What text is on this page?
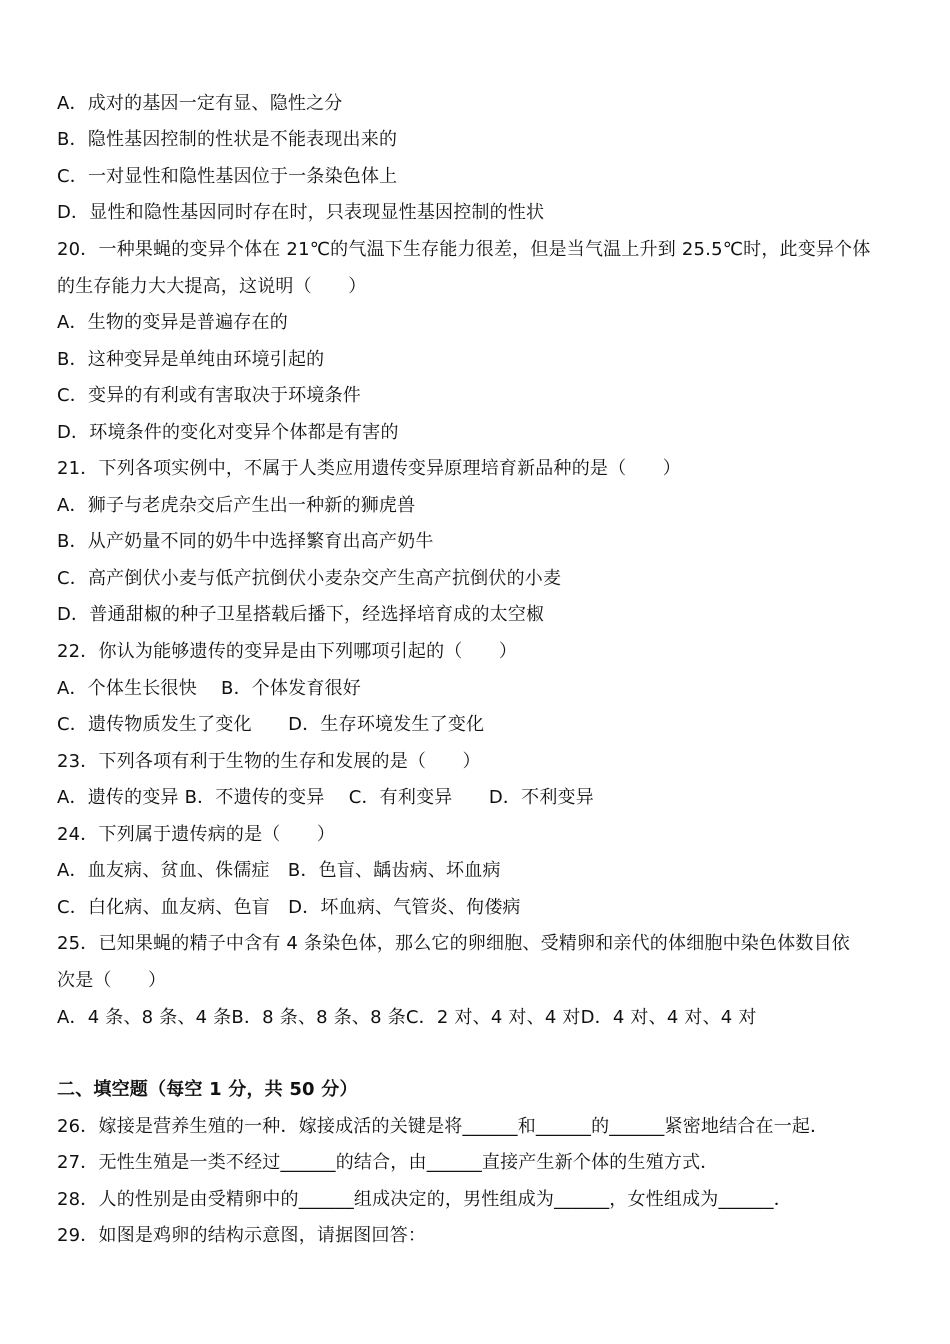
A．成对的基因一定有显、隐性之分
B．隐性基因控制的性状是不能表现出来的
C．一对显性和隐性基因位于一条染色体上
D．显性和隐性基因同时存在时，只表现显性基因控制的性状
20．一种果蝇的变异个体在 21℃的气温下生存能力很差，但是当气温上升到 25.5℃时，此变异个体
的生存能力大大提高，这说明（　　）
A．生物的变异是普遍存在的
B．这种变异是单纯由环境引起的
C．变异的有利或有害取决于环境条件
D．环境条件的变化对变异个体都是有害的
21．下列各项实例中，不属于人类应用遗传变异原理培育新品种的是（　　）
A．狮子与老虎杂交后产生出一种新的狮虎兽
B．从产奶量不同的奶牛中选择繁育出高产奶牛
C．高产倒伏小麦与低产抗倒伏小麦杂交产生高产抗倒伏的小麦
D．普通甜椒的种子卫星搭载后播下，经选择培育成的太空椒
22．你认为能够遗传的变异是由下列哪项引起的（　　）
A．个体生长很快　 B．个体发育很好
C．遗传物质发生了变化　　D．生存环境发生了变化
23．下列各项有利于生物的生存和发展的是（　　）
A．遗传的变异 B．不遗传的变异　 C．有利变异　　D．不利变异
24．下列属于遗传病的是（　　）
A．血友病、贫血、侏儒症　B．色盲、龋齿病、坏血病
C．白化病、血友病、色盲　D．坏血病、气管炎、佝偻病
25．已知果蝇的精子中含有 4 条染色体，那么它的卵细胞、受精卵和亲代的体细胞中染色体数目依
次是（　　）
A．4 条、8 条、4 条B．8 条、8 条、8 条C．2 对、4 对、4 对D．4 对、4 对、4 对
二、填空题（每空 1 分，共 50 分）
26．嫁接是营养生殖的一种．嫁接成活的关键是将______和______的______紧密地结合在一起．
27．无性生殖是一类不经过______的结合，由______直接产生新个体的生殖方式．
28．人的性别是由受精卵中的______组成决定的，男性组成为______，女性组成为______．
29．如图是鸡卵的结构示意图，请据图回答：
